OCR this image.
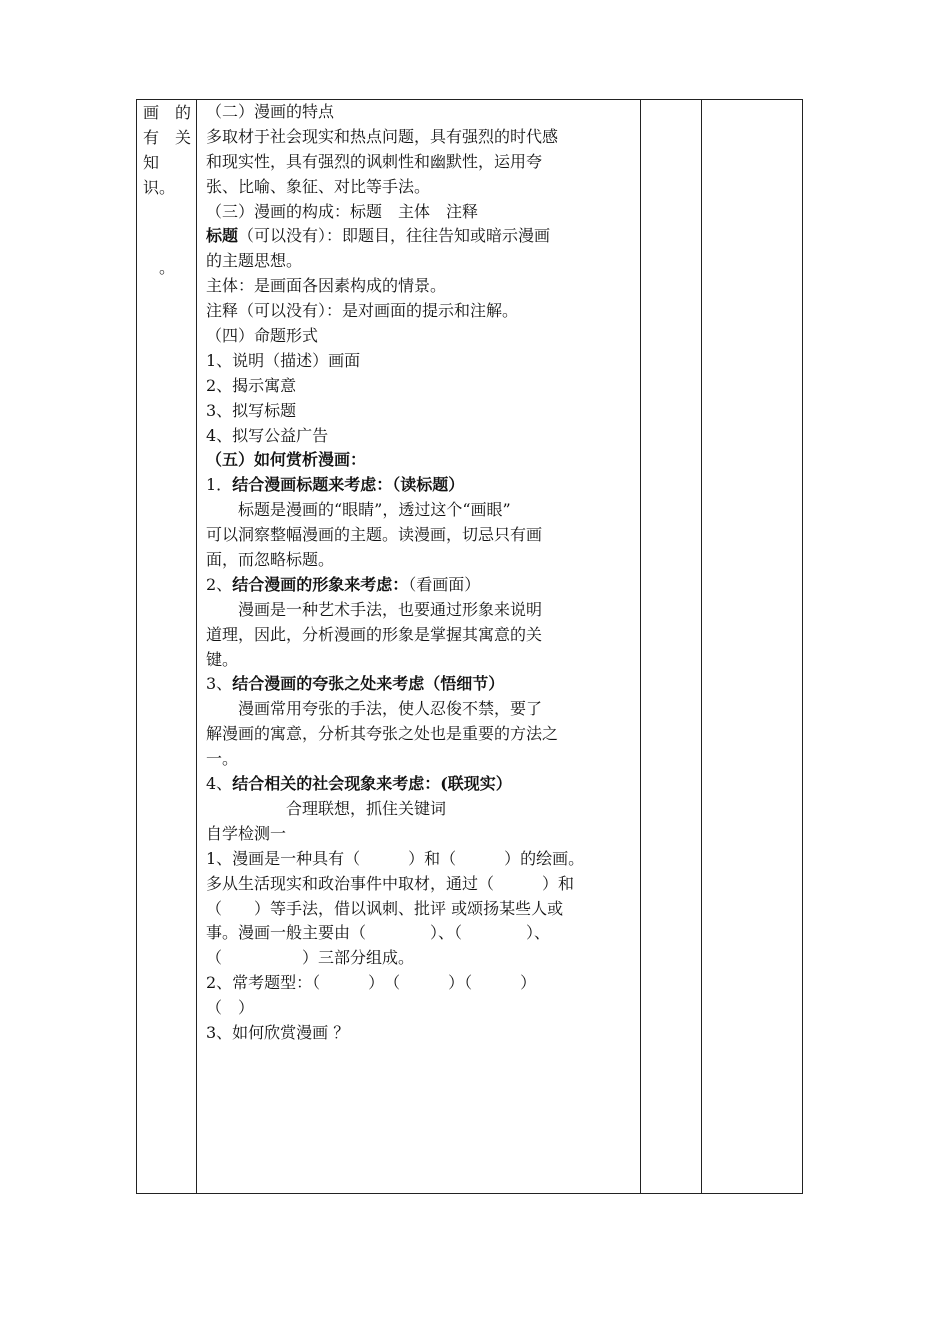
画的
有关
知
识。
。
（二）漫画的特点
多取材于社会现实和热点问题，具有强烈的时代感
和现实性，具有强烈的讽刺性和幽默性，运用夸
张、比喻、象征、对比等手法。
（三）漫画的构成：标题　主体　注释
标题（可以没有）：即题目，往往告知或暗示漫画
的主题思想。
主体：是画面各因素构成的情景。
注释（可以没有）：是对画面的提示和注解。
（四）命题形式
1、说明（描述）画面
2、揭示寓意
3、拟写标题
4、拟写公益广告
（五）如何赏析漫画：
1．结合漫画标题来考虑：（读标题）
标题是漫画的“眼睛”，透过这个“画眼”
可以洞察整幅漫画的主题。读漫画，切忌只有画
面，而忽略标题。
2、结合漫画的形象来考虑：（看画面）
漫画是一种艺术手法，也要通过形象来说明
道理，因此，分析漫画的形象是掌握其寓意的关
键。
3、结合漫画的夸张之处来考虑（悟细节）
漫画常用夸张的手法，使人忍俊不禁，要了
解漫画的寓意，分析其夸张之处也是重要的方法之
一。
4、结合相关的社会现象来考虑：(联现实）
合理联想，抓住关键词
自学检测一
1、漫画是一种具有（　　　）和（　　　）的绘画。
多从生活现实和政治事件中取材，通过（　　　）和
（　　）等手法，借以讽刺、批评 或颂扬某些人或
事。漫画一般主要由（　　　　）、（　　　　）、
（　　　　　）三部分组成。
2、常考题型：（　　　）　（　　　）（　　　）
（　）
3、如何欣赏漫画 ？
